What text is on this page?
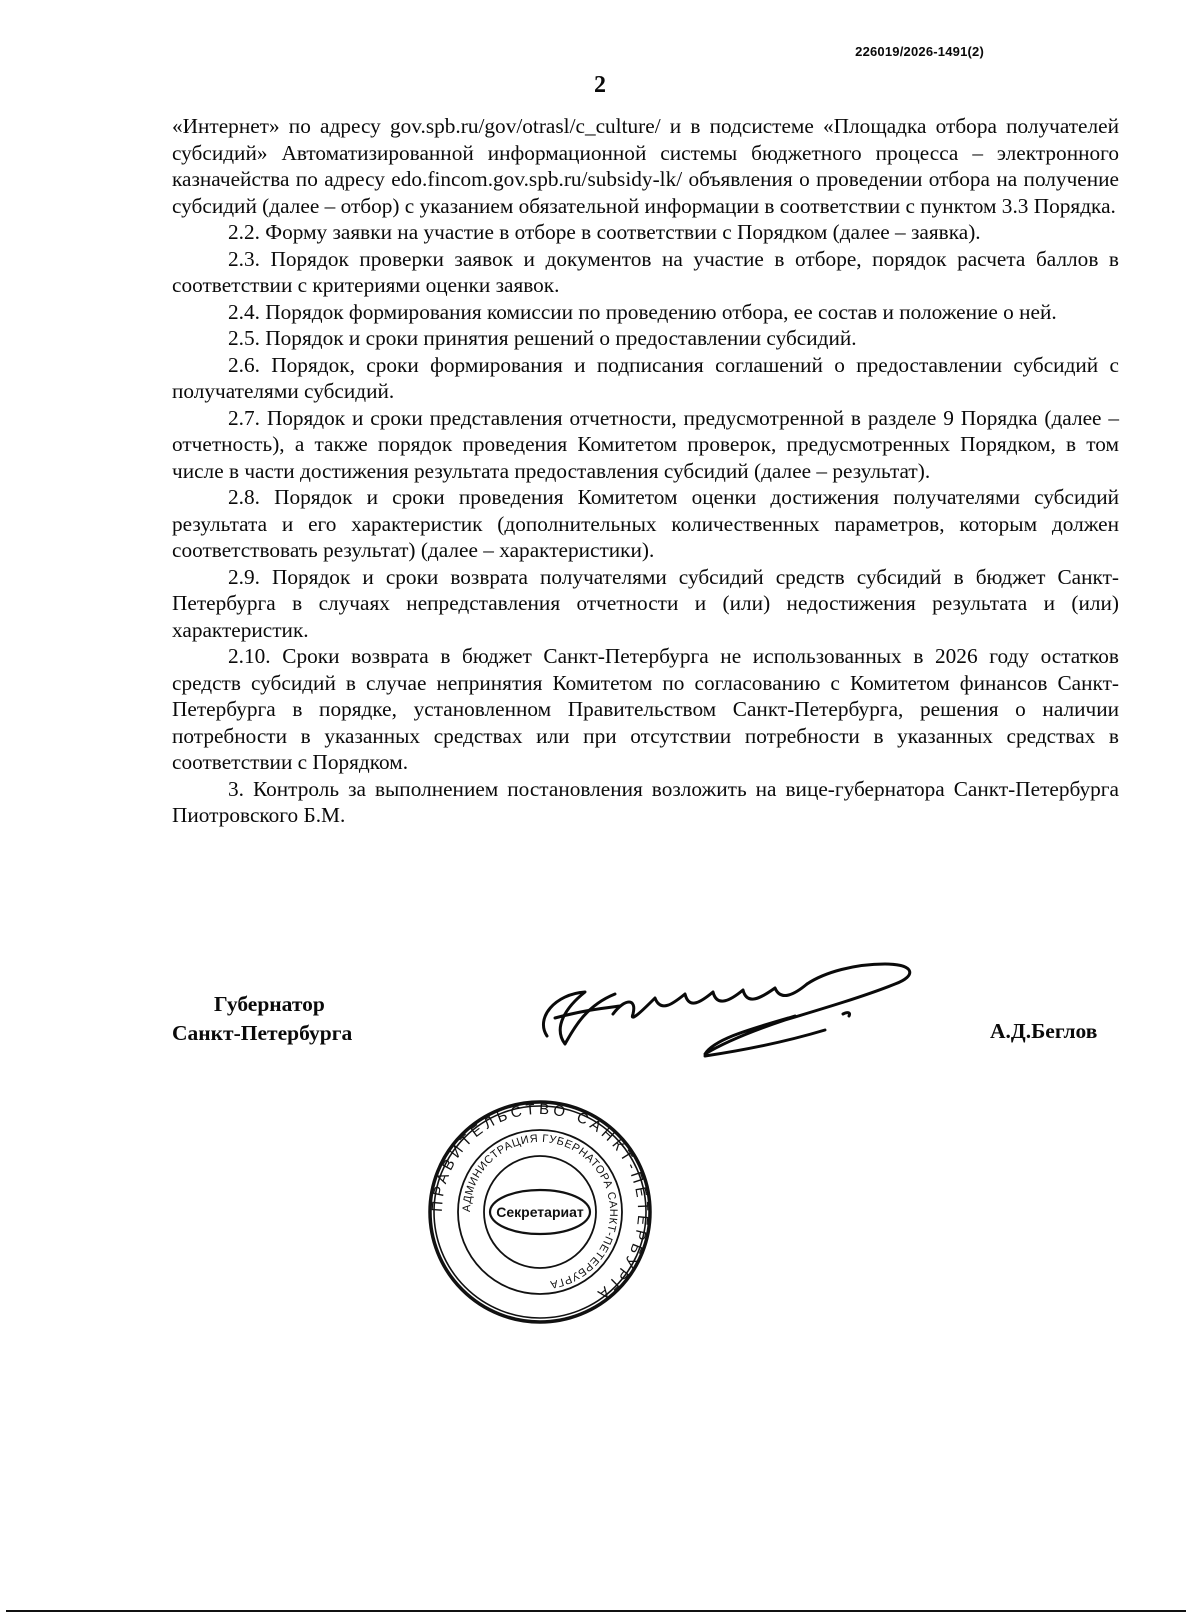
226019/2026-1491(2)
2

«Интернет» по адресу gov.spb.ru/gov/otrasl/c_culture/ и в подсистеме «Площадка отбора получателей субсидий» Автоматизированной информационной системы бюджетного процесса – электронного казначейства по адресу edo.fincom.gov.spb.ru/subsidy-lk/ объявления о проведении отбора на получение субсидий (далее – отбор) с указанием обязательной информации в соответствии с пунктом 3.3 Порядка.

2.2. Форму заявки на участие в отборе в соответствии с Порядком (далее – заявка).

2.3. Порядок проверки заявок и документов на участие в отборе, порядок расчета баллов в соответствии с критериями оценки заявок.

2.4. Порядок формирования комиссии по проведению отбора, ее состав и положение о ней.

2.5. Порядок и сроки принятия решений о предоставлении субсидий.

2.6. Порядок, сроки формирования и подписания соглашений о предоставлении субсидий с получателями субсидий.

2.7. Порядок и сроки представления отчетности, предусмотренной в разделе 9 Порядка (далее – отчетность), а также порядок проведения Комитетом проверок, предусмотренных Порядком, в том числе в части достижения результата предоставления субсидий (далее – результат).

2.8. Порядок и сроки проведения Комитетом оценки достижения получателями субсидий результата и его характеристик (дополнительных количественных параметров, которым должен соответствовать результат) (далее – характеристики).

2.9. Порядок и сроки возврата получателями субсидий средств субсидий в бюджет Санкт-Петербурга в случаях непредставления отчетности и (или) недостижения результата и (или) характеристик.

2.10. Сроки возврата в бюджет Санкт-Петербурга не использованных в 2026 году остатков средств субсидий в случае непринятия Комитетом по согласованию с Комитетом финансов Санкт-Петербурга в порядке, установленном Правительством Санкт-Петербурга, решения о наличии потребности в указанных средствах или при отсутствии потребности в указанных средствах в соответствии с Порядком.

3. Контроль за выполнением постановления возложить на вице-губернатора Санкт-Петербурга Пиотровского Б.М.

Губернатор
Санкт-Петербурга	А.Д.Беглов
ПРАВИТЕЛЬСТВО САНКТ-ПЕТЕРБУРГА
АДМИНИСТРАЦИЯ ГУБЕРНАТОРА САНКТ-ПЕТЕРБУРГА
Секретариат
